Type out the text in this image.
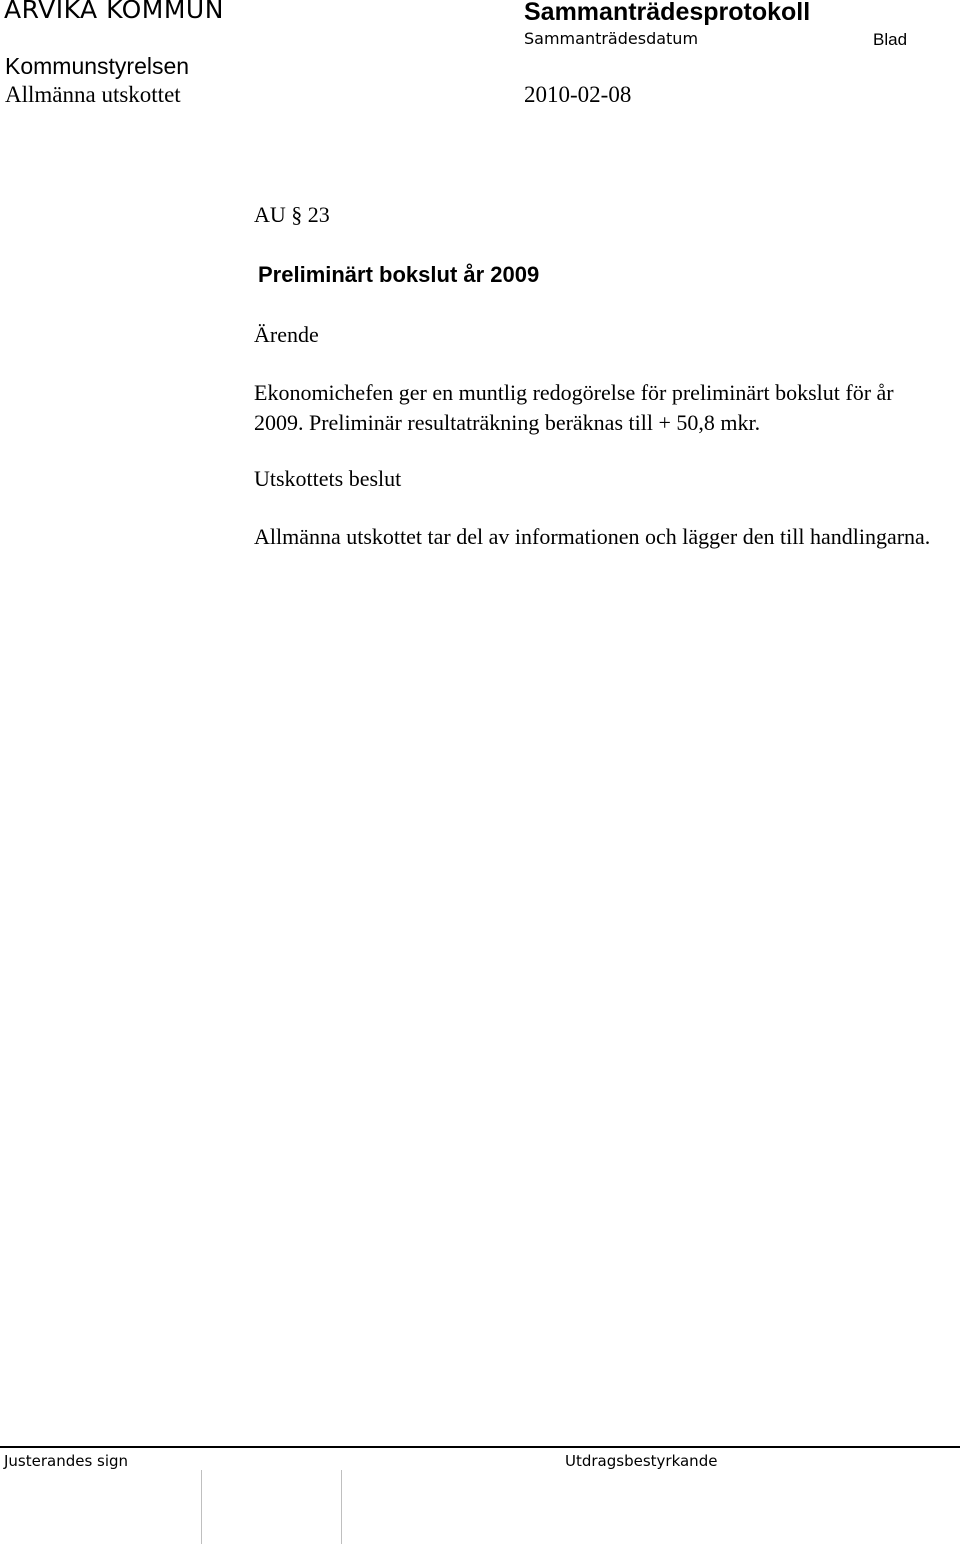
ARVIKA KOMMUN	Sammanträdesprotokoll
Sammanträdesdatum	Blad
Kommunstyrelsen
Allmänna utskottet	2010-02-08
AU § 23
Preliminärt bokslut år 2009
Ärende
Ekonomichefen ger en muntlig redogörelse för preliminärt bokslut för år 2009. Preliminär resultaträkning beräknas till + 50,8 mkr.
Utskottets beslut
Allmänna utskottet tar del av informationen och lägger den till handlingarna.
Justerandes sign	Utdragsbestyrkande
